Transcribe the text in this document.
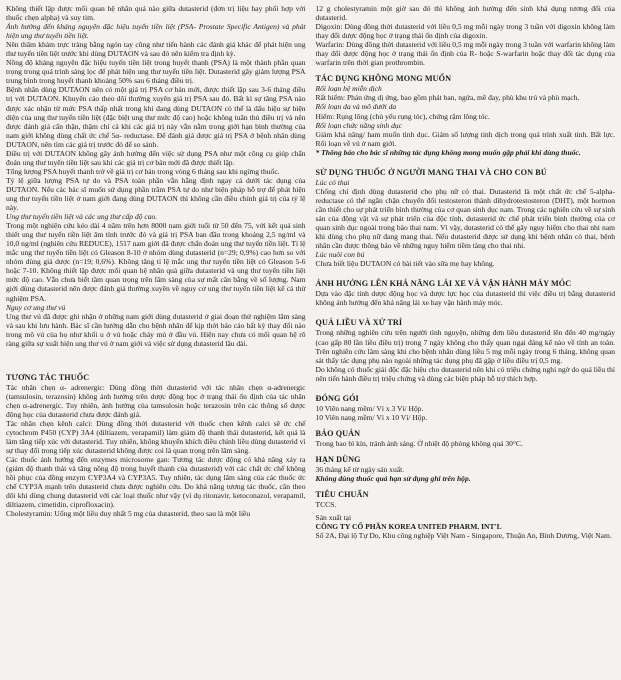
Không thiết lập được mối quan hệ nhân quả nào giữa dutasterid (đơn trị liệu hay phối hợp với thuốc chẹn alpha) và suy tim.

Ảnh hưởng đến kháng nguyên đặc hiệu tuyến tiền liệt (PSA- Prostate Specific Antigen) và phát hiện ung thư tuyến tiền liệt.

Nên thăm khám trực tràng bằng ngón tay cũng như tiến hành các đánh giá khác để phát hiện ung thư tuyến tiền liệt trước khi dùng DUTAON và sau đó nên kiểm tra định kỳ.

Nồng độ kháng nguyên đặc hiệu tuyến tiền liệt trong huyết thanh (PSA) là một thành phần quan trọng trong quá trình sàng lọc để phát hiện ung thư tuyến tiền liệt. Dutasterid gây giảm lượng PSA trung bình trong huyết thanh khoảng 50% sau 6 tháng điều trị.

Bệnh nhân dùng DUTAON nên có một giá trị PSA cơ bản mới, được thiết lập sau 3-6 tháng điều trị với DUTAON. Khuyến cáo theo dõi thường xuyên giá trị PSA sau đó. Bất kì sự tăng PSA nào được xác nhận từ mức PSA thấp nhất trong khi đang dùng DUTAON có thể là dấu hiệu sự hiện diện của ung thư tuyến tiền liệt (đặc biệt ung thư mức độ cao) hoặc không tuân thủ điều trị và nên được đánh giá cẩn thận, thậm chí cả khi các giá trị này vẫn nằm trong giới hạn bình thường của nam giới không dùng chất ức chế 5α- reductase. Để đánh giá được giá trị PSA ở bệnh nhân dùng DUTAON, nên tìm các giá trị trước đó để so sánh.

Điều trị với DUTAON không gây ảnh hưởng đến việc sử dụng PSA như một công cụ giúp chẩn đoán ung thư tuyến tiền liệt sau khi các giá trị cơ bản mới đã được thiết lập.

Tổng lượng PSA huyết thanh trở về giá trị cơ bản trong vòng 6 tháng sau khi ngừng thuốc.

Tỷ lệ giữa lượng PSA tự do và PSA toàn phần vẫn hằng định ngay cả dưới tác dụng của DUTAON. Nếu các bác sĩ muốn sử dụng phần trăm PSA tự do như biện pháp hỗ trợ để phát hiện ung thư tuyến tiền liệt ở nam giới đang dùng DUTAON thì không cần điều chỉnh giá trị của tỷ lệ này.

Ung thư tuyến tiền liệt và các ung thư cấp độ cao.

Trong một nghiên cứu kéo dài 4 năm trên hơn 8000 nam giới tuổi từ 50 đến 75, với kết quả sinh thiết ung thư tuyến tiền liệt âm tính trước đó và giá trị PSA ban đầu trong khoảng 2,5 ng/ml và 10,0 ng/ml (nghiên cứu REDUCE), 1517 nam giới đã được chẩn đoán ung thư tuyến tiền liệt. Tỉ lệ mắc ung thư tuyến tiền liệt có Gleason 8-10 ở nhóm dùng dutasterid (n=29; 0,9%) cao hơn so với nhóm dùng giả dược (n=19; 0,6%). Không tăng tỉ lệ mắc ung thư tuyến tiền liệt có Gleason 5-6 hoặc 7-10. Không thiết lập được mối quan hệ nhân quả giữa dutasterid và ung thư tuyến tiền liệt mức độ cao. Vẫn chưa biết tầm quan trọng trên lâm sàng của sự mất cân bằng về số lượng. Nam giới dùng dutasterid nên được đánh giá thường xuyên về nguy cơ ung thư tuyến tiền liệt kể cả thử nghiệm PSA.

Nguy cơ ung thư vú

Ung thư vú đã được ghi nhận ở những nam giới dùng dutasterid ở giai đoạn thử nghiệm lâm sàng và sau khi lưu hành. Bác sĩ cần hướng dẫn cho bệnh nhân để kịp thời báo cáo bất kỳ thay đổi nào trong mô vú của họ như khối u ở vú hoặc chảy mủ ở đầu vú. Hiện nay chưa có mối quan hệ rõ ràng giữa sự xuất hiện ung thư vú ở nam giới và việc sử dụng dutasterid lâu dài.

TƯƠNG TÁC THUỐC

Tác nhân chẹn α- adrenergic: Dùng đồng thời dutasterid với tác nhân chẹn α-adrenergic (tamsulosin, terazosin) không ảnh hưởng trên dược động học ở trạng thái ổn định của tác nhân chẹn α-adrenergic. Tuy nhiên, ảnh hưởng của tamsulosin hoặc terazosin trên các thông số dược động học của dutasterid chưa được đánh giá.

Tác nhân chẹn kênh calci: Dùng đồng thời dutasterid với thuốc chẹn kênh calci sẽ ức chế cytochrom P450 (CYP) 3A4 (diltiazem, verapamil) làm giảm độ thanh thải dutasterid, kết quả là làm tăng tiếp xúc với dutasterid. Tuy nhiên, không khuyến khích điều chỉnh liều dùng dutasterid vì sự thay đổi trong tiếp xúc dutasterid không được coi là quan trọng trên lâm sàng.

Các thuốc ảnh hưởng đến enzymes microsome gan: Tương tác dược động có khả năng xảy ra (giảm độ thanh thải và tăng nồng độ trong huyết thanh của dutasterid) với các chất ức chế không hồi phục của đồng enzym CYP3A4 và CYP3A5. Tuy nhiên, tác dụng lâm sàng của các thuốc ức chế CYP3A mạnh trên dutasterid chưa được nghiên cứu. Do khả năng tương tác thuốc, cân theo dõi khi dùng chung dutasterid với các loại thuốc như vậy (ví dụ ritonavir, ketoconazol, verapamil, diltiazem, cimetidin, ciprofloxacin).

Cholestyramin: Uống một liều duy nhất 5 mg của dutasterid, theo sau là một liều

12 g cholestyramin một giờ sau đó thì không ảnh hưởng đến sinh khả dụng tương đối của dutasterid.

Digoxin: Dùng đồng thời dutasterid với liều 0,5 mg mỗi ngày trong 3 tuần với digoxin không làm thay đổi dược động học ở trạng thái ổn định của digoxin.

Warfarin: Dùng đồng thời dutasterid với liều 0,5 mg mỗi ngày trong 3 tuần với warfarin không làm thay đổi dược động học ở trạng thái ổn định của R- hoặc S-warfarin hoặc thay đổi tác dụng của warfarin trên thời gian prothrombin.

TÁC DỤNG KHÔNG MONG MUỐN

Rối loạn hệ miễn dịch

Rất hiếm: Phản ứng dị ứng, bao gồm phát ban, ngứa, mề đay, phù khu trú và phù mạch.

Rối loạn da và mô dưới da

Hiếm: Rụng lông (chủ yếu rụng tóc), chứng rậm lông tóc.

Rối loạn chức năng sinh dục

Giảm khả năng/ ham muốn tình dục. Giảm số lượng tinh dịch trong quá trình xuất tinh. Bất lực. Rối loạn về vú ở nam giới.

* Thông báo cho bác sĩ những tác dụng không mong muốn gặp phải khi dùng thuốc.

SỬ DỤNG THUỐC Ở NGƯỜI MANG THAI VÀ CHO CON BÚ

Lúc có thai

Chống chỉ định dùng dutasterid cho phụ nữ có thai. Dutasterid là một chất ức chế 5-alpha-reductase có thể ngăn chặn chuyển đổi testosteron thành dihydrotestosteron (DHT), một hormon cần thiết cho sự phát triển bình thường của cơ quan sinh dục nam. Trong các nghiên cứu về sự sinh sản của động vật và sự phát triển của độc tính, dutasterid ức chế phát triển bình thường của cơ quan sinh dục ngoài trong bào thai nam. Vì vậy, dutasterid có thể gây nguy hiểm cho thai nhi nam khi dùng cho phụ nữ đang mang thai. Nếu dutasterid được sử dụng khi bệnh nhân có thai, bệnh nhân cần được thông báo về những nguy hiểm tiềm tàng cho thai nhi.

Lúc nuôi con bú

Chưa biết liệu DUTAON có bài tiết vào sữa mẹ hay không.

ẢNH HƯỞNG LÊN KHẢ NĂNG LÁI XE VÀ VẬN HÀNH MÁY MÓC

Dựa vào đặc tính dược động học và dược lực học của dutasterid thì việc điều trị bằng dutasterid không ảnh hưởng đến khả năng lái xe hay vận hành máy móc.

QUÁ LIỀU VÀ XỬ TRÍ

Trong những nghiên cứu trên người tình nguyện, những đơn liều dutasterid lên đến 40 mg/ngày (cao gấp 80 lần liều điều trị) trong 7 ngày không cho thấy quan ngại đáng kể nào về tính an toàn. Trên nghiên cứu lâm sàng khi cho bệnh nhân dùng liều 5 mg mỗi ngày trong 6 tháng, không quan sát thấy tác dụng phụ nào ngoài những tác dụng phụ đã gặp ở liều điều trị 0,5 mg.

Do không có thuốc giải độc đặc hiệu cho dutasterid nên khi có triệu chứng nghi ngờ do quá liều thì nên tiến hành điều trị triệu chứng và dùng các biện pháp hỗ trợ thích hợp.

ĐÓNG GÓI

10 Viên nang mềm/ Vỉ x 3 Vỉ/ Hộp.

10 Viên nang mềm/ Vỉ x 10 Vỉ/ Hộp.

BẢO QUẢN

Trong bao bì kín, tránh ánh sáng. Ở nhiệt độ phòng không quá 30°C.

HẠN DÙNG

36 tháng kể từ ngày sản xuất.

Không dùng thuốc quá hạn sử dụng ghi trên hộp.

TIÊU CHUẨN

TCCS.

Sản xuất tại

CÔNG TY CỔ PHẦN KOREA UNITED PHARM. INT'L

Số 2A, Đại lộ Tự Do, Khu công nghiệp Việt Nam - Singapore, Thuận An, Bình Dương, Việt Nam.
